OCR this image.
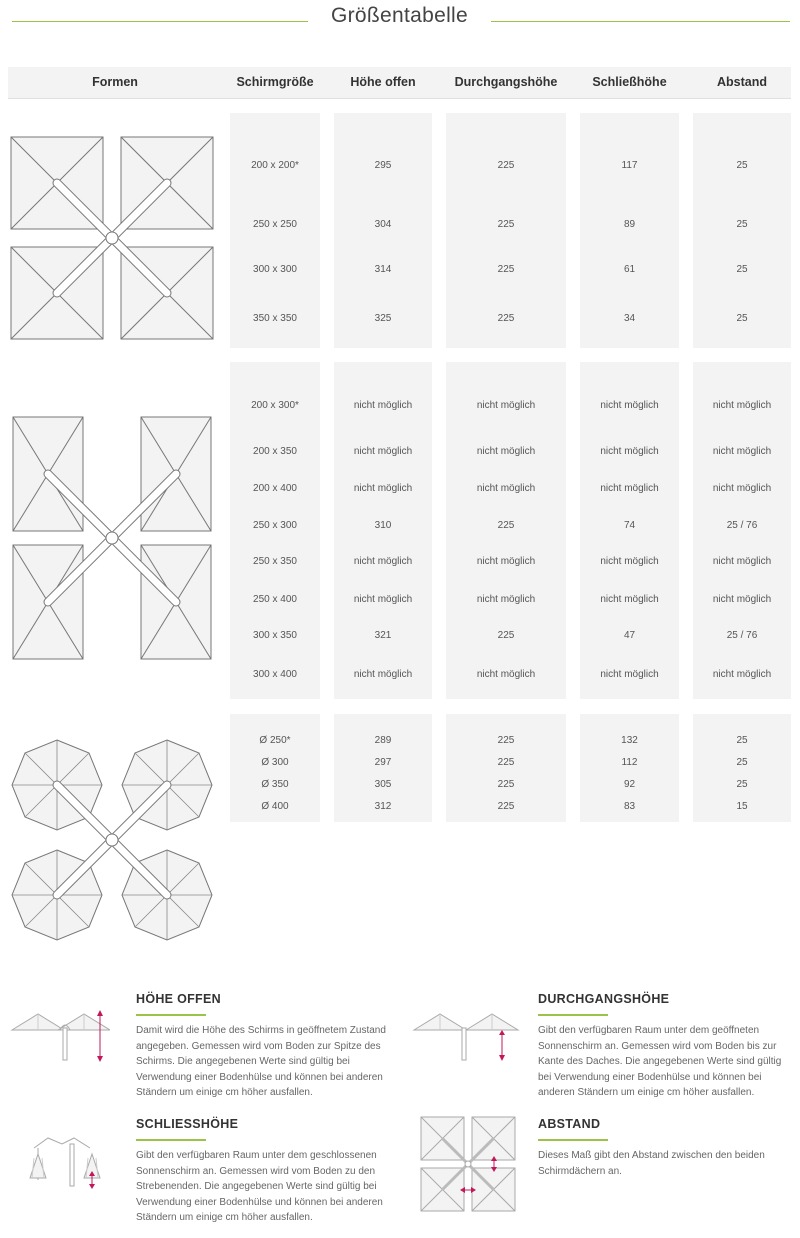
Größentabelle
Formen	Schirmgröße	Höhe offen	Durchgangshöhe	Schließhöhe	Abstand
200 x 200*	295	225	117	25
250 x 250	304	225	89	25
300 x 300	314	225	61	25
350 x 350	325	225	34	25
200 x 300*	nicht möglich	nicht möglich	nicht möglich	nicht möglich
200 x 350	nicht möglich	nicht möglich	nicht möglich	nicht möglich
200 x 400	nicht möglich	nicht möglich	nicht möglich	nicht möglich
250 x 300	310	225	74	25 / 76
250 x 350	nicht möglich	nicht möglich	nicht möglich	nicht möglich
250 x 400	nicht möglich	nicht möglich	nicht möglich	nicht möglich
300 x 350	321	225	47	25 / 76
300 x 400	nicht möglich	nicht möglich	nicht möglich	nicht möglich
Ø 250*	289	225	132	25
Ø 300	297	225	112	25
Ø 350	305	225	92	25
Ø 400	312	225	83	15
HÖHE OFFEN
Damit wird die Höhe des Schirms in geöffnetem Zustand angegeben. Gemessen wird vom Boden zur Spitze des Schirms. Die angegebenen Werte sind gültig bei Verwendung einer Bodenhülse und können bei anderen Ständern um einige cm höher ausfallen.
DURCHGANGSHÖHE
Gibt den verfügbaren Raum unter dem geöffneten Sonnenschirm an. Gemessen wird vom Boden bis zur Kante des Daches. Die angegebenen Werte sind gültig bei Verwendung einer Bodenhülse und können bei anderen Ständern um einige cm höher ausfallen.
SCHLIESSHÖHE
Gibt den verfügbaren Raum unter dem geschlossenen Sonnenschirm an. Gemessen wird vom Boden zu den Strebenenden. Die angegebenen Werte sind gültig bei Verwendung einer Bodenhülse und können bei anderen Ständern um einige cm höher ausfallen.
ABSTAND
Dieses Maß gibt den Abstand zwischen den beiden Schirmdächern an.
